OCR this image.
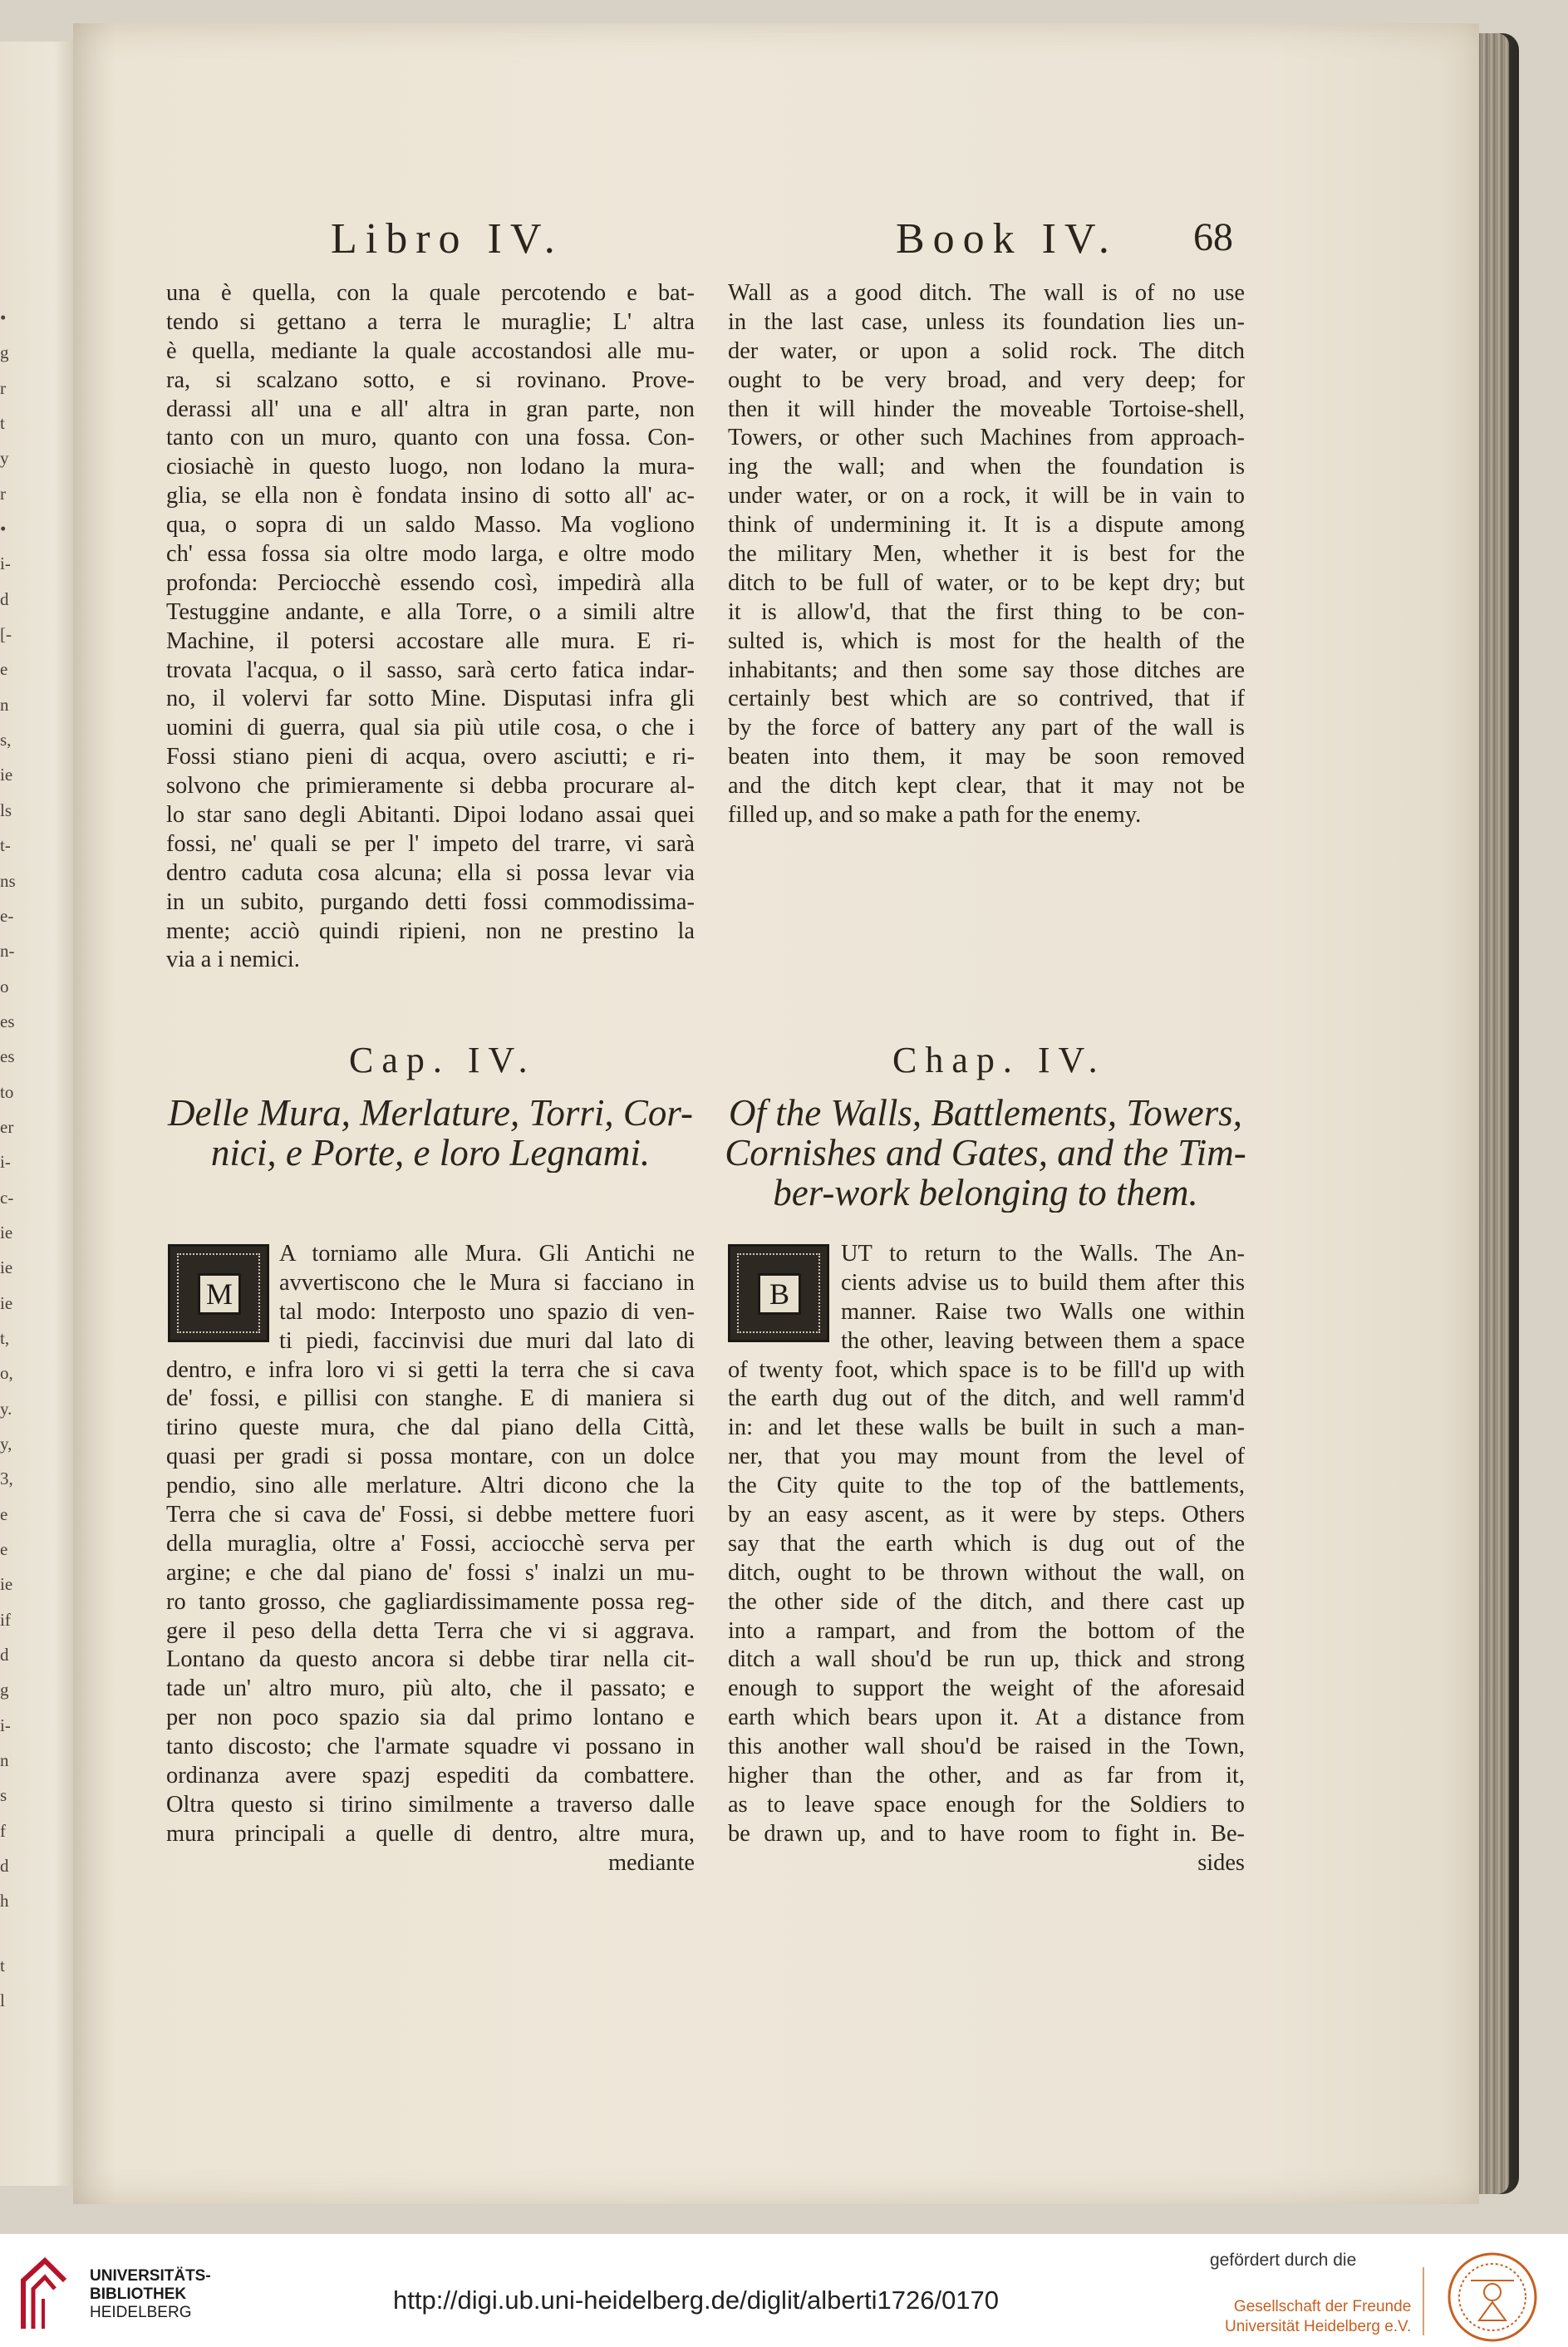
•
g
r
t
y
r
•
i-
d
[-
e
n
s,
ie
ls
t-
ns
e-
n-
o
es
es
to
er
i-
c-
ie
ie
ie
t,
o,
y.
y,
3,
e
e
ie
if
d
g
i-
n
s
f
d
h
t
l
Libro IV.	Book IV. 68
una è quella, con la quale percotendo e bat-
tendo si gettano a terra le muraglie; L' altra
è quella, mediante la quale accostandosi alle mu-
ra, si scalzano sotto, e si rovinano. Prove-
derassi all' una e all' altra in gran parte, non
tanto con un muro, quanto con una fossa. Con-
ciosiachè in questo luogo, non lodano la mura-
glia, se ella non è fondata insino di sotto all' ac-
qua, o sopra di un saldo Masso. Ma vogliono
ch' essa fossa sia oltre modo larga, e oltre modo
profonda: Perciocchè essendo così, impedirà alla
Testuggine andante, e alla Torre, o a simili altre
Machine, il potersi accostare alle mura. E ri-
trovata l'acqua, o il sasso, sarà certo fatica indar-
no, il volervi far sotto Mine. Disputasi infra gli
uomini di guerra, qual sia più utile cosa, o che i
Fossi stiano pieni di acqua, overo asciutti; e ri-
solvono che primieramente si debba procurare al-
lo star sano degli Abitanti. Dipoi lodano assai quei
fossi, ne' quali se per l' impeto del trarre, vi sarà
dentro caduta cosa alcuna; ella si possa levar via
in un subito, purgando detti fossi commodissima-
mente; acciò quindi ripieni, non ne prestino la
via a i nemici.
Wall as a good ditch. The wall is of no use
in the last case, unless its foundation lies un-
der water, or upon a solid rock. The ditch
ought to be very broad, and very deep; for
then it will hinder the moveable Tortoise-shell,
Towers, or other such Machines from approach-
ing the wall; and when the foundation is
under water, or on a rock, it will be in vain to
think of undermining it. It is a dispute among
the military Men, whether it is best for the
ditch to be full of water, or to be kept dry; but
it is allow'd, that the first thing to be con-
sulted is, which is most for the health of the
inhabitants; and then some say those ditches are
certainly best which are so contrived, that if
by the force of battery any part of the wall is
beaten into them, it may be soon removed
and the ditch kept clear, that it may not be
filled up, and so make a path for the enemy.
Cap. IV.	Chap. IV.
Delle Mura, Merlature, Torri, Cor-
nici, e Porte, e loro Legnami.
Of the Walls, Battlements, Towers,
Cornishes and Gates, and the Tim-
ber-work belonging to them.
A torniamo alle Mura. Gli Antichi ne
avvertiscono che le Mura si facciano in
tal modo: Interposto uno spazio di ven-
ti piedi, faccinvisi due muri dal lato di
dentro, e infra loro vi si getti la terra che si cava
de' fossi, e pillisi con stanghe. E di maniera si
tirino queste mura, che dal piano della Città,
quasi per gradi si possa montare, con un dolce
pendio, sino alle merlature. Altri dicono che la
Terra che si cava de' Fossi, si debbe mettere fuori
della muraglia, oltre a' Fossi, acciocchè serva per
argine; e che dal piano de' fossi s' inalzi un mu-
ro tanto grosso, che gagliardissimamente possa reg-
gere il peso della detta Terra che vi si aggrava.
Lontano da questo ancora si debbe tirar nella cit-
tade un' altro muro, più alto, che il passato; e
per non poco spazio sia dal primo lontano e
tanto discosto; che l'armate squadre vi possano in
ordinanza avere spazj espediti da combattere.
Oltra questo si tirino similmente a traverso dalle
mura principali a quelle di dentro, altre mura,
mediante
UT to return to the Walls. The An-
cients advise us to build them after this
manner. Raise two Walls one within
the other, leaving between them a space
of twenty foot, which space is to be fill'd up with
the earth dug out of the ditch, and well ramm'd
in: and let these walls be built in such a man-
ner, that you may mount from the level of
the City quite to the top of the battlements,
by an easy ascent, as it were by steps. Others
say that the earth which is dug out of the
ditch, ought to be thrown without the wall, on
the other side of the ditch, and there cast up
into a rampart, and from the bottom of the
ditch a wall shou'd be run up, thick and strong
enough to support the weight of the aforesaid
earth which bears upon it. At a distance from
this another wall shou'd be raised in the Town,
higher than the other, and as far from it,
as to leave space enough for the Soldiers to
be drawn up, and to have room to fight in. Be-
sides
M	B
UNIVERSITÄTS-
BIBLIOTHEK
HEIDELBERG	http://digi.ub.uni-heidelberg.de/diglit/alberti1726/0170
gefördert durch die
Gesellschaft der Freunde
Universität Heidelberg e.V.
